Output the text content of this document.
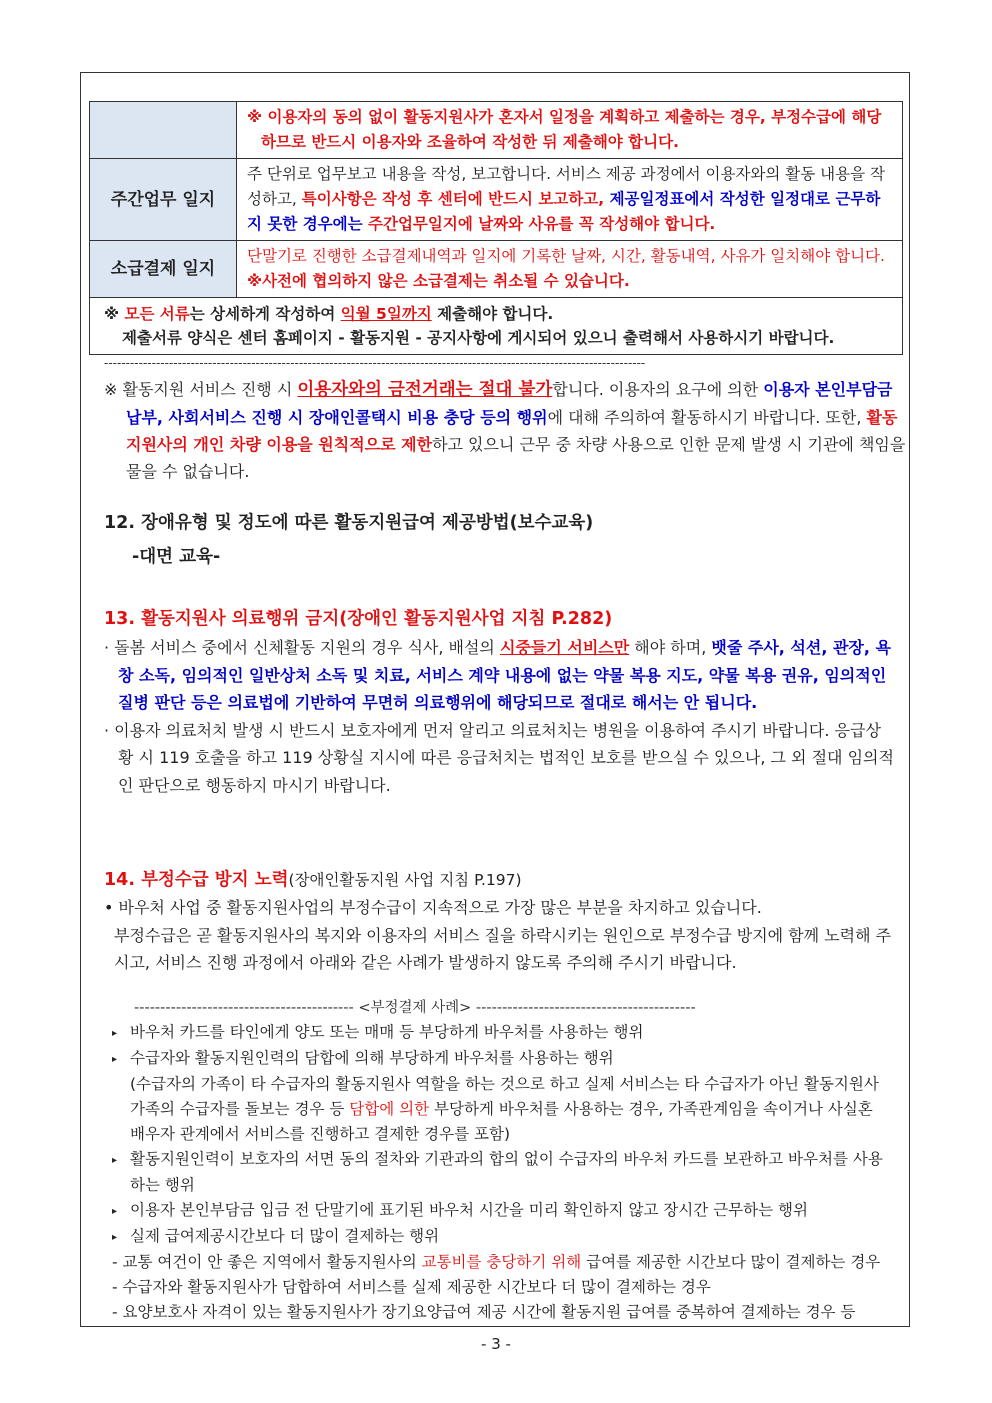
	※ 이용자의 동의 없이 활동지원사가 혼자서 일정을 계획하고 제출하는 경우, 부정수급에 해당하므로 반드시 이용자와 조율하여 작성한 뒤 제출해야 합니다.
주간업무 일지	주 단위로 업무보고 내용을 작성, 보고합니다. 서비스 제공 과정에서 이용자와의 활동 내용을 작성하고, 특이사항은 작성 후 센터에 반드시 보고하고, 제공일정표에서 작성한 일정대로 근무하지 못한 경우에는 주간업무일지에 날짜와 사유를 꼭 작성해야 합니다.
소급결제 일지	단말기로 진행한 소급결제내역과 일지에 기록한 날짜, 시간, 활동내역, 사유가 일치해야 합니다. ※사전에 협의하지 않은 소급결제는 취소될 수 있습니다.

※ 모든 서류는 상세하게 작성하여 익월 5일까지 제출해야 합니다.
제출서류 양식은 센터 홈페이지 - 활동지원 - 공지사항에 게시되어 있으니 출력해서 사용하시기 바랍니다.	
-----------------------------------------------------------------------------------------------------------------------------
※ 활동지원 서비스 진행 시 이용자와의 금전거래는 절대 불가합니다. 이용자의 요구에 의한 이용자 본인부담금 납부, 사회서비스 진행 시 장애인콜택시 비용 충당 등의 행위에 대해 주의하여 활동하시기 바랍니다. 또한, 활동지원사의 개인 차량 이용을 원칙적으로 제한하고 있으니 근무 중 차량 사용으로 인한 문제 발생 시 기관에 책임을 물을 수 없습니다.
12. 장애유형 및 정도에 따른 활동지원급여 제공방법(보수교육)
-대면 교육-
13. 활동지원사 의료행위 금지(장애인 활동지원사업 지침 P.282)

· 돌봄 서비스 중에서 신체활동 지원의 경우 식사, 배설의 시중들기 서비스만 해야 하며, 뱃줄 주사, 석션, 관장, 욕창 소독, 임의적인 일반상처 소독 및 치료, 서비스 계약 내용에 없는 약물 복용 지도, 약물 복용 권유, 임의적인 질병 판단 등은 의료법에 기반하여 무면허 의료행위에 해당되므로 절대로 해서는 안 됩니다.

· 이용자 의료처치 발생 시 반드시 보호자에게 먼저 알리고 의료처치는 병원을 이용하여 주시기 바랍니다. 응급상황 시 119 호출을 하고 119 상황실 지시에 따른 응급처치는 법적인 보호를 받으실 수 있으나, 그 외 절대 임의적인 판단으로 행동하지 마시기 바랍니다.

14. 부정수급 방지 노력(장애인활동지원 사업 지침 P.197)

• 바우처 사업 중 활동지원사업의 부정수급이 지속적으로 가장 많은 부분을 차지하고 있습니다.

부정수급은 곧 활동지원사의 복지와 이용자의 서비스 질을 하락시키는 원인으로 부정수급 방지에 함께 노력해 주시고, 서비스 진행 과정에서 아래와 같은 사례가 발생하지 않도록 주의해 주시기 바랍니다.

------------------------------------------ <부정결제 사례> ------------------------------------------

▸ 바우처 카드를 타인에게 양도 또는 매매 등 부당하게 바우처를 사용하는 행위

▸ 수급자와 활동지원인력의 담합에 의해 부당하게 바우처를 사용하는 행위

(수급자의 가족이 타 수급자의 활동지원사 역할을 하는 것으로 하고 실제 서비스는 타 수급자가 아닌 활동지원사 가족의 수급자를 돌보는 경우 등 담합에 의한 부당하게 바우처를 사용하는 경우, 가족관계임을 속이거나 사실혼 배우자 관계에서 서비스를 진행하고 결제한 경우를 포함)

▸ 활동지원인력이 보호자의 서면 동의 절차와 기관과의 합의 없이 수급자의 바우처 카드를 보관하고 바우처를 사용하는 행위

▸ 이용자 본인부담금 입금 전 단말기에 표기된 바우처 시간을 미리 확인하지 않고 장시간 근무하는 행위

▸ 실제 급여제공시간보다 더 많이 결제하는 행위

- 교통 여건이 안 좋은 지역에서 활동지원사의 교통비를 충당하기 위해 급여를 제공한 시간보다 많이 결제하는 경우

- 수급자와 활동지원사가 담합하여 서비스를 실제 제공한 시간보다 더 많이 결제하는 경우

- 요양보호사 자격이 있는 활동지원사가 장기요양급여 제공 시간에 활동지원 급여를 중복하여 결제하는 경우 등

- 3 -
